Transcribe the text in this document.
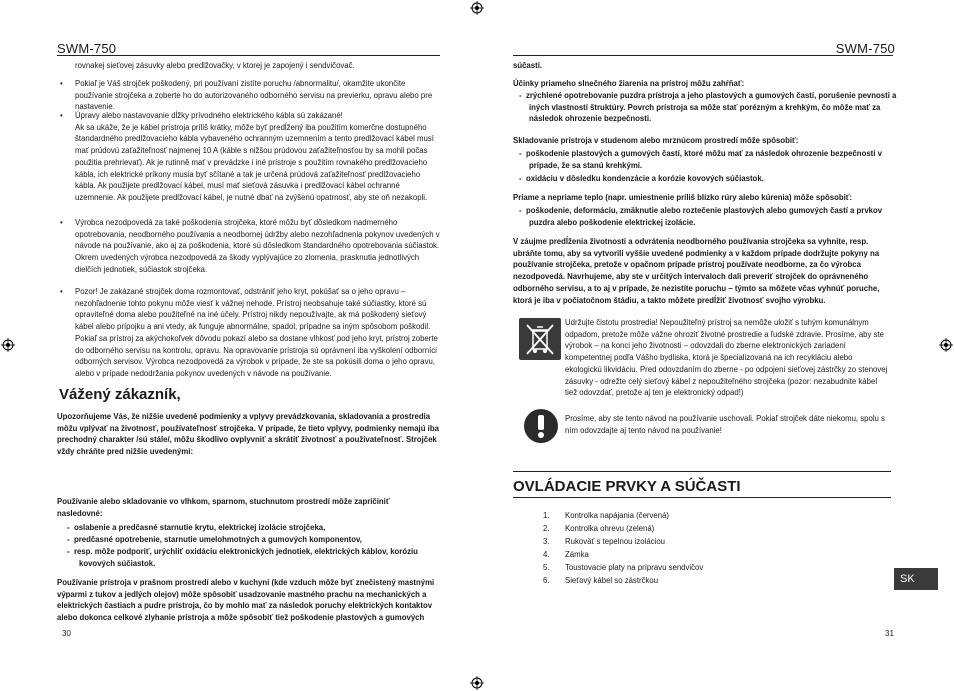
SWM-750
rovnakej sieťovej zásuvky alebo predlžovačky, v ktorej je zapojený i sendvičovač.
• Pokiaľ je Váš strojček poškodený, pri používaní zistíte poruchu /abnormalitu/, okamžite ukončite používanie strojčeka a zoberte ho do autorizovaného odborného servisu na previerku, opravu alebo pre nastavenie.
• Úpravy alebo nastavovanie dĺžky prívodného elektrického kábla sú zakázané!
Ak sa ukáže, že je kábel prístroja príliš krátky, môže byť predĺžený iba použitím komerčne dostupného štandardného predlžovacieho kábla vybaveného ochranným uzemnením a tento predlžovací kábel musí mať prúdovú zaťažiteľnosť najmenej 10 A (káble s nižšou prúdovou zaťažiteľnosťou by sa mohli počas použitia prehrievať). Ak je rutinně mať v prevádzke i iné prístroje s použitím rovnakého predlžovacieho kábla, ich elektrické príkony musia byť sčítané a tak je určená prúdová zaťažiteľnosť predlžovacieho kábla. Ak použijete predlžovací kábel, musí mať sieťová zásuvka i predlžovací kábel ochranné uzemnenie. Ak použijete predlžovací kábel, je nutné dbať na zvýšenú opatrnosť, aby ste oň nezakopli.
• Výrobca nezodpovedá za také poškodenia strojčeka, ktoré môžu byť dôsledkom nadmerného opotrebovania, neodborného používania a neodbornej údržby alebo nezohľadnenia pokynov uvedených v návode na používanie, ako aj za poškodenia, ktoré sú dôsledkom štandardného opotrebovania súčiastok. Okrem uvedených výrobca nezodpovedá za škody vyplývajúce zo zlomenia, prasknutia jednotlivých dielčích jednotiek, súčiastok strojčeka.
• Pozor! Je zakázané strojček doma rozmontovať, odstrániť jeho kryt, pokúšať sa o jeho opravu – nezohľadnenie tohto pokynu môže viesť k vážnej nehode. Prístroj neobsahuje také súčiastky, ktoré sú opraviteľné doma alebo použiteľné na iné účely. Prístroj nikdy nepoužívajte, ak má poškodený sieťový kábel alebo prípojku a ani vtedy, ak funguje abnormálne, spadol, prípadne sa iným spôsobom poškodil. Pokiaľ sa prístroj za akýchokoľvek dôvodu pokazí alebo sa dostane vlhkosť pod jeho kryt, prístroj zoberte do odborného servisu na kontrolu, opravu. Na opravovanie prístroja sú oprávnení iba vyškolení odborníci odborných servisov. Výrobca nezodpovedá za výrobok v prípade, že ste sa pokúsili doma o jeho opravu, alebo v prípade nedodržania pokynov uvedených v návode na používanie.
Vážený zákazník,
Upozorňujeme Vás, že nižšie uvedené podmienky a vplyvy prevádzkovania, skladovania a prostredia môžu vplývať na životnosť, používateľnosť strojčeka. V prípade, že tieto vplyvy, podmienky nemajú iba prechodný charakter /sú stále/, môžu škodlivo ovplyvniť a skrátiť životnosť a používateľnosť. Strojček vždy chráňte pred nižšie uvedenými:
Používanie alebo skladovanie vo vlhkom, sparnom, stuchnutom prostredí môže zapríčiniť nasledovné:
-  oslabenie a predčasné starnutie krytu, elektrickej izolácie strojčeka,
-  predčasné opotrebenie, starnutie umelohmotných a gumových komponentov,
-  resp. môže podporiť, urýchliť oxidáciu elektronických jednotiek, elektrických káblov, koróziu kovových súčiastok.
Používanie prístroja v prašnom prostredí alebo v kuchyni (kde vzduch môže byť znečistený mastnými výparmi z tukov a jedlých olejov) môže spôsobiť usadzovanie mastného prachu na mechanických a elektrických častiach a pudre prístroja, čo by mohlo mať za následok poruchy elektrických kontaktov alebo dokonca celkové zlyhanie prístroja a môže spôsobiť tiež poškodenie plastových a gumových
30
SWM-750
súčastí.
Účinky priameho slnečného žiarenia na prístroj môžu zahŕňať:
-  zrýchlené opotrebovanie puzdra prístroja a jeho plastových a gumových častí, porušenie pevnosti a iných vlastností štruktúry. Povrch prístroja sa môže stať porézným a krehkým, čo môže mať za následok ohrozenie bezpečnosti.
Skladovanie prístroja v studenom alebo mrznúcom prostredí môže spôsobiť:
-  poškodenie plastových a gumových častí, ktoré môžu mať za následok ohrozenie bezpečnosti v prípade, že sa stanú krehkými.
-  oxidáciu v dôsledku kondenzácie a korózie kovových súčiastok.
Priame a nepriame teplo (napr. umiestnenie príliš blízko rúry alebo kúrenia) môže spôsobiť:
-  poškodenie, deformáciu, zmäknutie alebo roztečenie plastových alebo gumových častí a prvkov puzdra alebo poškodenie elektrickej izolácie.
V záujme predĺženia životnosti a odvrátenia neodborného používania strojčeka sa vyhnite, resp. ubráňte tomu, aby sa vytvorili vyššie uvedené podmienky a v každom prípade dodržujte pokyny na používanie strojčeka, pretože v opačnom prípade prístroj používate neodborne, za čo výrobca nezodpovedá. Navrhujeme, aby ste v určitých intervaloch dali preveriť strojček do oprávneného odborného servisu, a to aj v prípade, že nezistíte poruchu – týmto sa môžete včas vyhnúť poruche, ktorá je iba v počiatočnom štádiu, a takto môžete predĺžiť životnosť svojho výrobku.
Udržujte čistotu prostredia! Nepoužiteľný prístroj sa nemôže uložiť s tuhým komunálnym odpadom, pretože môže vážne ohroziť životné prostredie a ľudské zdravie. Prosíme, aby ste výrobok – na konci jeho životnosti – odovzdali do zberne elektronických zariadení kompetentnej podľa Vášho bydliska, ktorá je špecializovaná na ich recykláciu alebo ekologickú likvidáciu. Pred odovzdaním do zberne - po odpojení sieťovej zástrčky zo stenovej zásuvky - odrežte celý sieťový kábel z nepoužiteľného strojčeka (pozor: nezabudnite kábel tiež odovzdať, pretože aj ten je elektronický odpad!)
Prosíme, aby ste tento návod na používanie uschovali. Pokiaľ strojček dáte niekomu, spolu s ním odovzdajte aj tento návod na používanie!
OVLÁDACIE PRVKY A SÚČASTI
1. Kontrolka napájania (červená)
2. Kontrolka ohrevu (zelená)
3. Rukoväť s tepelnou izoláciou
4. Zámka
5. Toustovacie platy na prípravu sendvičov
6. Sieťový kábel so zástrčkou
31
SK
